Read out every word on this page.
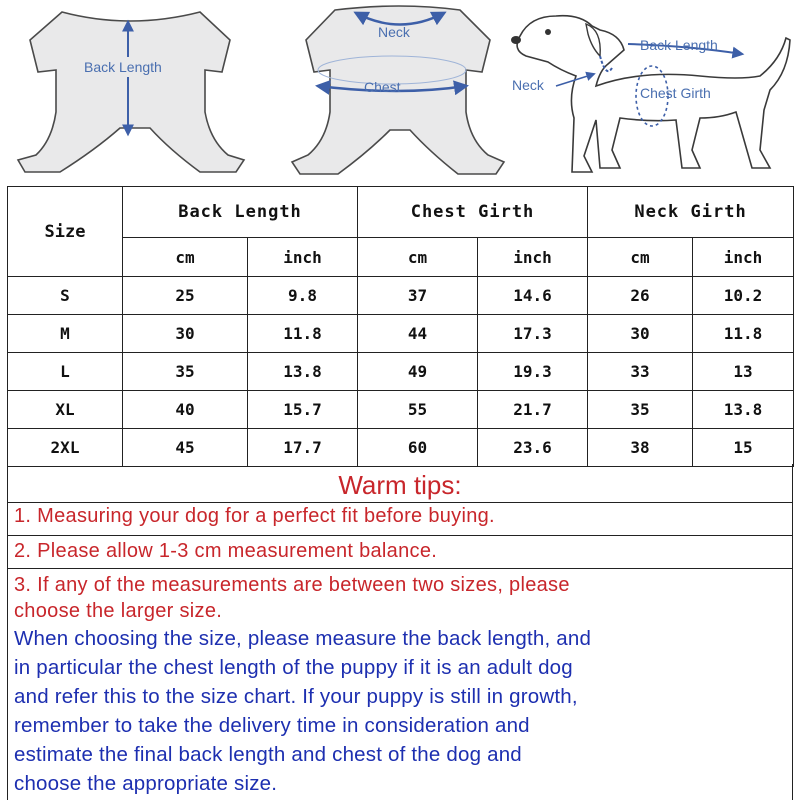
Back Length
Neck
Chest
Back Length
Chest Girth
Neck
Size	Back Length		Chest Girth		Neck Girth	
	cm	inch	cm	inch	cm	inch
S	25	9.8	37	14.6	26	10.2
M	30	11.8	44	17.3	30	11.8
L	35	13.8	49	19.3	33	13
XL	40	15.7	55	21.7	35	13.8
2XL	45	17.7	60	23.6	38	15
Warm tips:
1. Measuring your dog for a perfect fit before buying.
2. Please allow 1-3 cm measurement balance.
3. If any of the measurements are between two sizes, please
choose the larger size.
When choosing the size, please measure the back length, and
in particular the chest length of the puppy if it is an adult dog
and refer this to the size chart. If your puppy is still in growth,
remember to take the delivery time in consideration and
estimate the final back length and chest of the dog and
choose the appropriate size.
